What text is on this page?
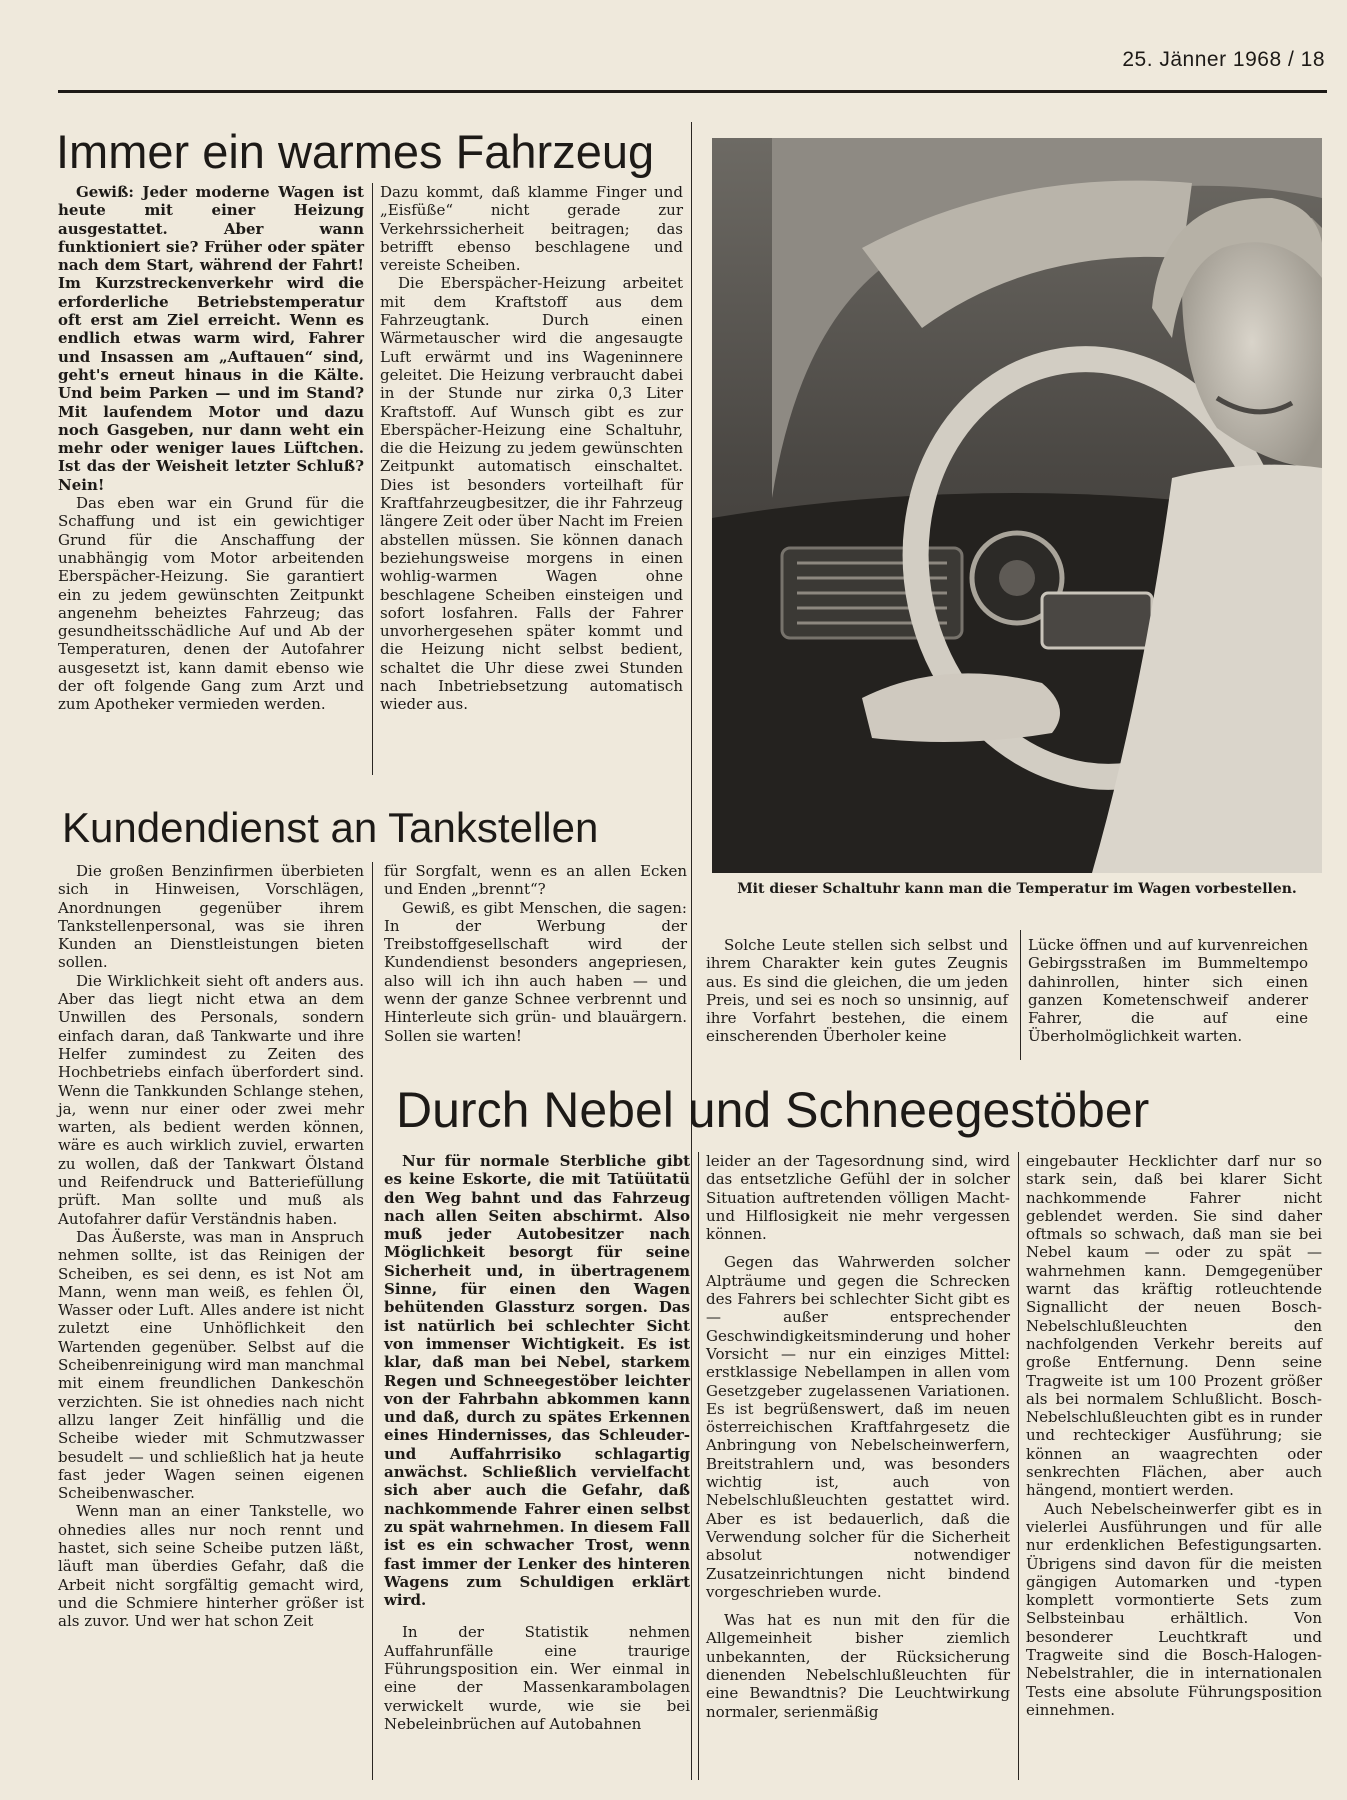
25. Jänner 1968 / 18
Immer ein warmes Fahrzeug

Gewiß: Jeder moderne Wagen ist heute mit einer Heizung ausgestattet. Aber wann funktioniert sie? Früher oder später nach dem Start, während der Fahrt! Im Kurzstreckenverkehr wird die erforderliche Betriebstemperatur oft erst am Ziel erreicht. Wenn es endlich etwas warm wird, Fahrer und Insassen am „Auftauen“ sind, geht's erneut hinaus in die Kälte. Und beim Parken — und im Stand? Mit laufendem Motor und dazu noch Gasgeben, nur dann weht ein mehr oder weniger laues Lüftchen. Ist das der Weisheit letzter Schluß? Nein!

Das eben war ein Grund für die Schaffung und ist ein gewichtiger Grund für die Anschaffung der unabhängig vom Motor arbeitenden Eberspächer-Heizung. Sie garantiert ein zu jedem gewünschten Zeitpunkt angenehm beheiztes Fahrzeug; das gesundheitsschädliche Auf und Ab der Temperaturen, denen der Autofahrer ausgesetzt ist, kann damit ebenso wie der oft folgende Gang zum Arzt und zum Apotheker vermieden werden.

Dazu kommt, daß klamme Finger und „Eisfüße“ nicht gerade zur Verkehrssicherheit beitragen; das betrifft ebenso beschlagene und vereiste Scheiben.

Die Eberspächer-Heizung arbeitet mit dem Kraftstoff aus dem Fahrzeugtank. Durch einen Wärmetauscher wird die angesaugte Luft erwärmt und ins Wageninnere geleitet. Die Heizung verbraucht dabei in der Stunde nur zirka 0,3 Liter Kraftstoff. Auf Wunsch gibt es zur Eberspächer-Heizung eine Schaltuhr, die die Heizung zu jedem gewünschten Zeitpunkt automatisch einschaltet. Dies ist besonders vorteilhaft für Kraftfahrzeugbesitzer, die ihr Fahrzeug längere Zeit oder über Nacht im Freien abstellen müssen. Sie können danach beziehungsweise morgens in einen wohlig-warmen Wagen ohne beschlagene Scheiben einsteigen und sofort losfahren. Falls der Fahrer unvorhergesehen später kommt und die Heizung nicht selbst bedient, schaltet die Uhr diese zwei Stunden nach Inbetriebsetzung automatisch wieder aus.

Mit dieser Schaltuhr kann man die Temperatur im Wagen vorbestellen.
Kundendienst an Tankstellen

Die großen Benzinfirmen überbieten sich in Hinweisen, Vorschlägen, Anordnungen gegenüber ihrem Tankstellenpersonal, was sie ihren Kunden an Dienstleistungen bieten sollen.

Die Wirklichkeit sieht oft anders aus. Aber das liegt nicht etwa an dem Unwillen des Personals, sondern einfach daran, daß Tankwarte und ihre Helfer zumindest zu Zeiten des Hochbetriebs einfach überfordert sind. Wenn die Tankkunden Schlange stehen, ja, wenn nur einer oder zwei mehr warten, als bedient werden können, wäre es auch wirklich zuviel, erwarten zu wollen, daß der Tankwart Ölstand und Reifendruck und Batteriefüllung prüft. Man sollte und muß als Autofahrer dafür Verständnis haben.

Das Äußerste, was man in Anspruch nehmen sollte, ist das Reinigen der Scheiben, es sei denn, es ist Not am Mann, wenn man weiß, es fehlen Öl, Wasser oder Luft. Alles andere ist nicht zuletzt eine Unhöflichkeit den Wartenden gegenüber. Selbst auf die Scheibenreinigung wird man manchmal mit einem freundlichen Dankeschön verzichten. Sie ist ohnedies nach nicht allzu langer Zeit hinfällig und die Scheibe wieder mit Schmutzwasser besudelt — und schließlich hat ja heute fast jeder Wagen seinen eigenen Scheibenwascher.

Wenn man an einer Tankstelle, wo ohnedies alles nur noch rennt und hastet, sich seine Scheibe putzen läßt, läuft man überdies Gefahr, daß die Arbeit nicht sorgfältig gemacht wird, und die Schmiere hinterher größer ist als zuvor. Und wer hat schon Zeit

für Sorgfalt, wenn es an allen Ecken und Enden „brennt“?

Gewiß, es gibt Menschen, die sagen: In der Werbung der Treibstoffgesellschaft wird der Kundendienst besonders angepriesen, also will ich ihn auch haben — und wenn der ganze Schnee verbrennt und Hinterleute sich grün- und blauärgern. Sollen sie warten!

Solche Leute stellen sich selbst und ihrem Charakter kein gutes Zeugnis aus. Es sind die gleichen, die um jeden Preis, und sei es noch so unsinnig, auf ihre Vorfahrt bestehen, die einem einscherenden Überholer keine

Lücke öffnen und auf kurvenreichen Gebirgsstraßen im Bummeltempo dahinrollen, hinter sich einen ganzen Kometenschweif anderer Fahrer, die auf eine Überholmöglichkeit warten.

Durch Nebel und Schneegestöber

Nur für normale Sterbliche gibt es keine Eskorte, die mit Tatüütatü den Weg bahnt und das Fahrzeug nach allen Seiten abschirmt. Also muß jeder Autobesitzer nach Möglichkeit besorgt für seine Sicherheit und, in übertragenem Sinne, für einen den Wagen behütenden Glassturz sorgen. Das ist natürlich bei schlechter Sicht von immenser Wichtigkeit. Es ist klar, daß man bei Nebel, starkem Regen und Schneegestöber leichter von der Fahrbahn abkommen kann und daß, durch zu spätes Erkennen eines Hindernisses, das Schleuder- und Auffahrrisiko schlagartig anwächst. Schließlich vervielfacht sich aber auch die Gefahr, daß nachkommende Fahrer einen selbst zu spät wahrnehmen. In diesem Fall ist es ein schwacher Trost, wenn fast immer der Lenker des hinteren Wagens zum Schuldigen erklärt wird.

In der Statistik nehmen Auffahrunfälle eine traurige Führungsposition ein. Wer einmal in eine der Massenkarambolagen verwickelt wurde, wie sie bei Nebeleinbrüchen auf Autobahnen

leider an der Tagesordnung sind, wird das entsetzliche Gefühl der in solcher Situation auftretenden völligen Macht- und Hilflosigkeit nie mehr vergessen können.

Gegen das Wahrwerden solcher Alpträume und gegen die Schrecken des Fahrers bei schlechter Sicht gibt es — außer entsprechender Geschwindigkeitsminderung und hoher Vorsicht — nur ein einziges Mittel: erstklassige Nebellampen in allen vom Gesetzgeber zugelassenen Variationen. Es ist begrüßenswert, daß im neuen österreichischen Kraftfahrgesetz die Anbringung von Nebelscheinwerfern, Breitstrahlern und, was besonders wichtig ist, auch von Nebelschlußleuchten gestattet wird. Aber es ist bedauerlich, daß die Verwendung solcher für die Sicherheit absolut notwendiger Zusatzeinrichtungen nicht bindend vorgeschrieben wurde.

Was hat es nun mit den für die Allgemeinheit bisher ziemlich unbekannten, der Rücksicherung dienenden Nebelschlußleuchten für eine Bewandtnis? Die Leuchtwirkung normaler, serienmäßig

eingebauter Hecklichter darf nur so stark sein, daß bei klarer Sicht nachkommende Fahrer nicht geblendet werden. Sie sind daher oftmals so schwach, daß man sie bei Nebel kaum — oder zu spät — wahrnehmen kann. Demgegenüber warnt das kräftig rotleuchtende Signallicht der neuen Bosch-Nebelschlußleuchten den nachfolgenden Verkehr bereits auf große Entfernung. Denn seine Tragweite ist um 100 Prozent größer als bei normalem Schlußlicht. Bosch-Nebelschlußleuchten gibt es in runder und rechteckiger Ausführung; sie können an waagrechten oder senkrechten Flächen, aber auch hängend, montiert werden.

Auch Nebelscheinwerfer gibt es in vielerlei Ausführungen und für alle nur erdenklichen Befestigungsarten. Übrigens sind davon für die meisten gängigen Automarken und -typen komplett vormontierte Sets zum Selbsteinbau erhältlich. Von besonderer Leuchtkraft und Tragweite sind die Bosch-Halogen-Nebelstrahler, die in internationalen Tests eine absolute Führungsposition einnehmen.
